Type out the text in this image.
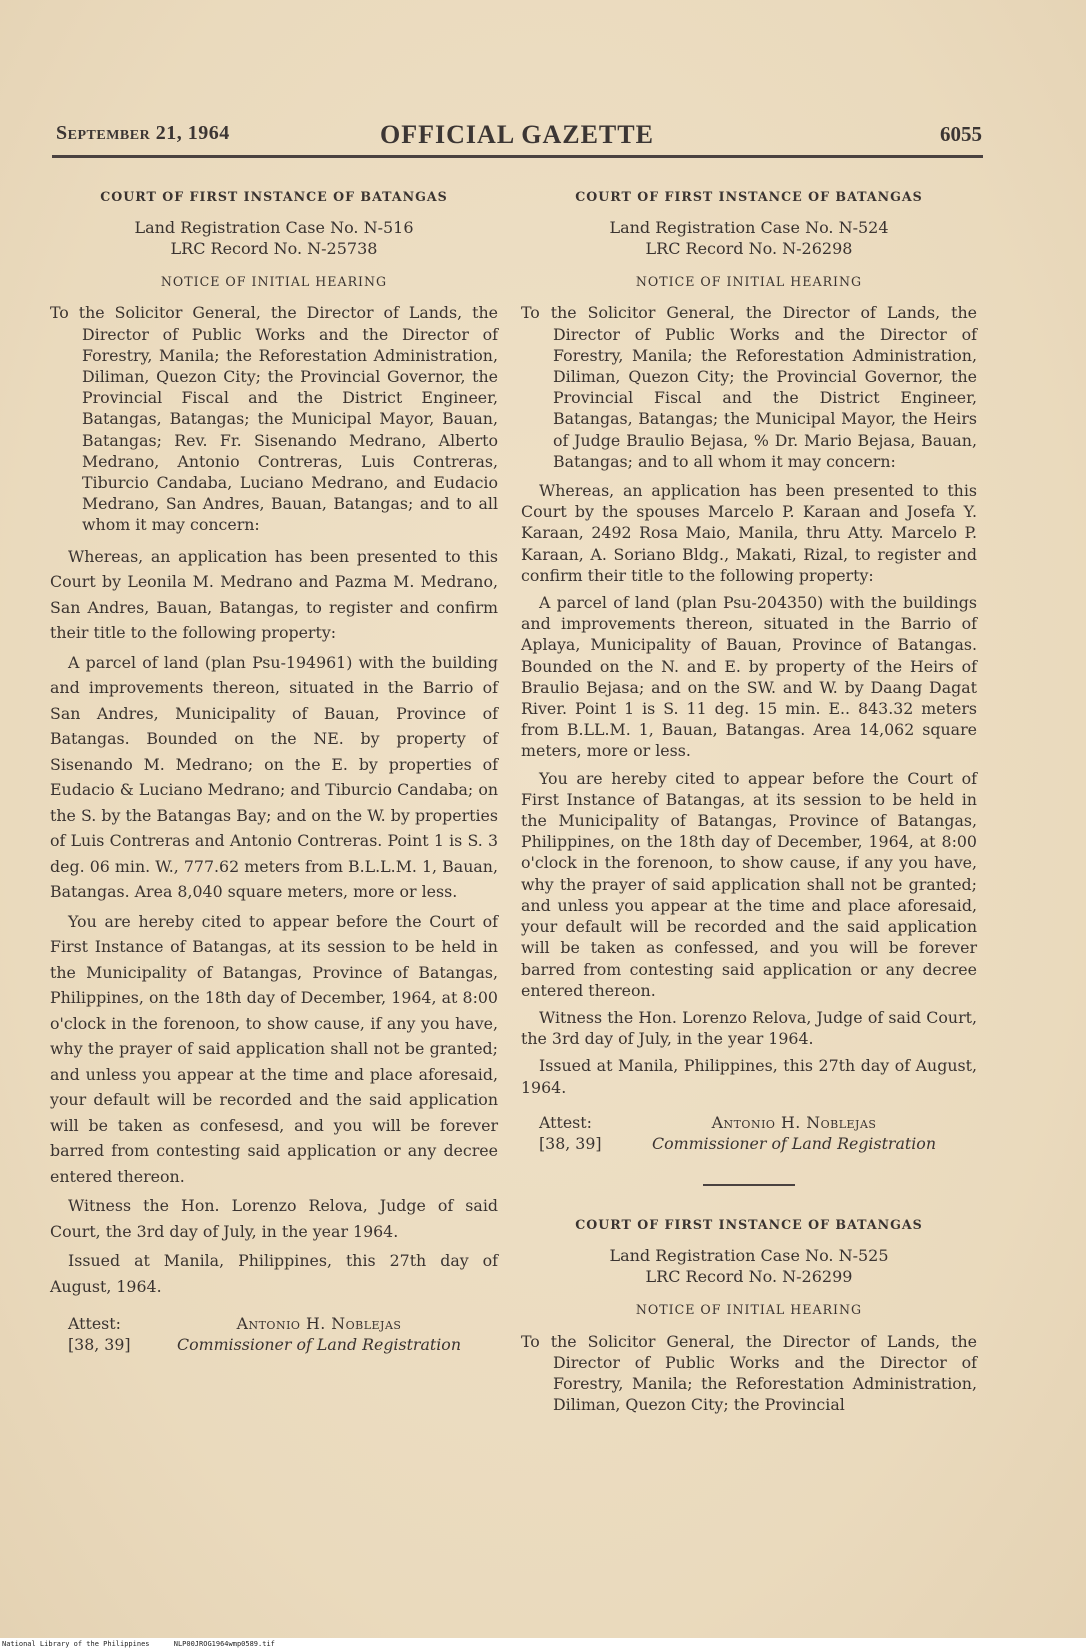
September 21, 1964	OFFICIAL GAZETTE	6055

COURT OF FIRST INSTANCE OF BATANGAS

Land Registration Case No. N-516

LRC Record No. N-25738

NOTICE OF INITIAL HEARING

To the Solicitor General, the Director of Lands, the Director of Public Works and the Director of Forestry, Manila; the Reforestation Administration, Diliman, Quezon City; the Provincial Governor, the Provincial Fiscal and the District Engineer, Batangas, Batangas; the Municipal Mayor, Bauan, Batangas; Rev. Fr. Sisenando Medrano, Alberto Medrano, Antonio Contreras, Luis Contreras, Tiburcio Candaba, Luciano Medrano, and Eudacio Medrano, San Andres, Bauan, Batangas; and to all whom it may concern:

Whereas, an application has been presented to this Court by Leonila M. Medrano and Pazma M. Medrano, San Andres, Bauan, Batangas, to register and confirm their title to the following property:

A parcel of land (plan Psu-194961) with the building and improvements thereon, situated in the Barrio of San Andres, Municipality of Bauan, Province of Batangas. Bounded on the NE. by property of Sisenando M. Medrano; on the E. by properties of Eudacio & Luciano Medrano; and Tiburcio Candaba; on the S. by the Batangas Bay; and on the W. by properties of Luis Contreras and Antonio Contreras. Point 1 is S. 3 deg. 06 min. W., 777.62 meters from B.L.L.M. 1, Bauan, Batangas. Area 8,040 square meters, more or less.

You are hereby cited to appear before the Court of First Instance of Batangas, at its session to be held in the Municipality of Batangas, Province of Batangas, Philippines, on the 18th day of December, 1964, at 8:00 o'clock in the forenoon, to show cause, if any you have, why the prayer of said application shall not be granted; and unless you appear at the time and place aforesaid, your default will be recorded and the said application will be taken as confesesd, and you will be forever barred from contesting said application or any decree entered thereon.

Witness the Hon. Lorenzo Relova, Judge of said Court, the 3rd day of July, in the year 1964.

Issued at Manila, Philippines, this 27th day of August, 1964.

Attest:	Antonio H. Noblejas
[38, 39]	Commissioner of Land Registration

COURT OF FIRST INSTANCE OF BATANGAS

Land Registration Case No. N-524

LRC Record No. N-26298

NOTICE OF INITIAL HEARING

To the Solicitor General, the Director of Lands, the Director of Public Works and the Director of Forestry, Manila; the Reforestation Administration, Diliman, Quezon City; the Provincial Governor, the Provincial Fiscal and the District Engineer, Batangas, Batangas; the Municipal Mayor, the Heirs of Judge Braulio Bejasa, % Dr. Mario Bejasa, Bauan, Batangas; and to all whom it may concern:

Whereas, an application has been presented to this Court by the spouses Marcelo P. Karaan and Josefa Y. Karaan, 2492 Rosa Maio, Manila, thru Atty. Marcelo P. Karaan, A. Soriano Bldg., Makati, Rizal, to register and confirm their title to the following property:

A parcel of land (plan Psu-204350) with the buildings and improvements thereon, situated in the Barrio of Aplaya, Municipality of Bauan, Province of Batangas. Bounded on the N. and E. by property of the Heirs of Braulio Bejasa; and on the SW. and W. by Daang Dagat River. Point 1 is S. 11 deg. 15 min. E.. 843.32 meters from B.LL.M. 1, Bauan, Batangas. Area 14,062 square meters, more or less.

You are hereby cited to appear before the Court of First Instance of Batangas, at its session to be held in the Municipality of Batangas, Province of Batangas, Philippines, on the 18th day of December, 1964, at 8:00 o'clock in the forenoon, to show cause, if any you have, why the prayer of said application shall not be granted; and unless you appear at the time and place aforesaid, your default will be recorded and the said application will be taken as confessed, and you will be forever barred from contesting said application or any decree entered thereon.

Witness the Hon. Lorenzo Relova, Judge of said Court, the 3rd day of July, in the year 1964.

Issued at Manila, Philippines, this 27th day of August, 1964.

Attest:	Antonio H. Noblejas
[38, 39]	Commissioner of Land Registration

COURT OF FIRST INSTANCE OF BATANGAS

Land Registration Case No. N-525

LRC Record No. N-26299

NOTICE OF INITIAL HEARING

To the Solicitor General, the Director of Lands, the Director of Public Works and the Director of Forestry, Manila; the Reforestation Administration, Diliman, Quezon City; the Provincial

National Library of the Philippines	NLP00JROG1964wmp0589.tif
